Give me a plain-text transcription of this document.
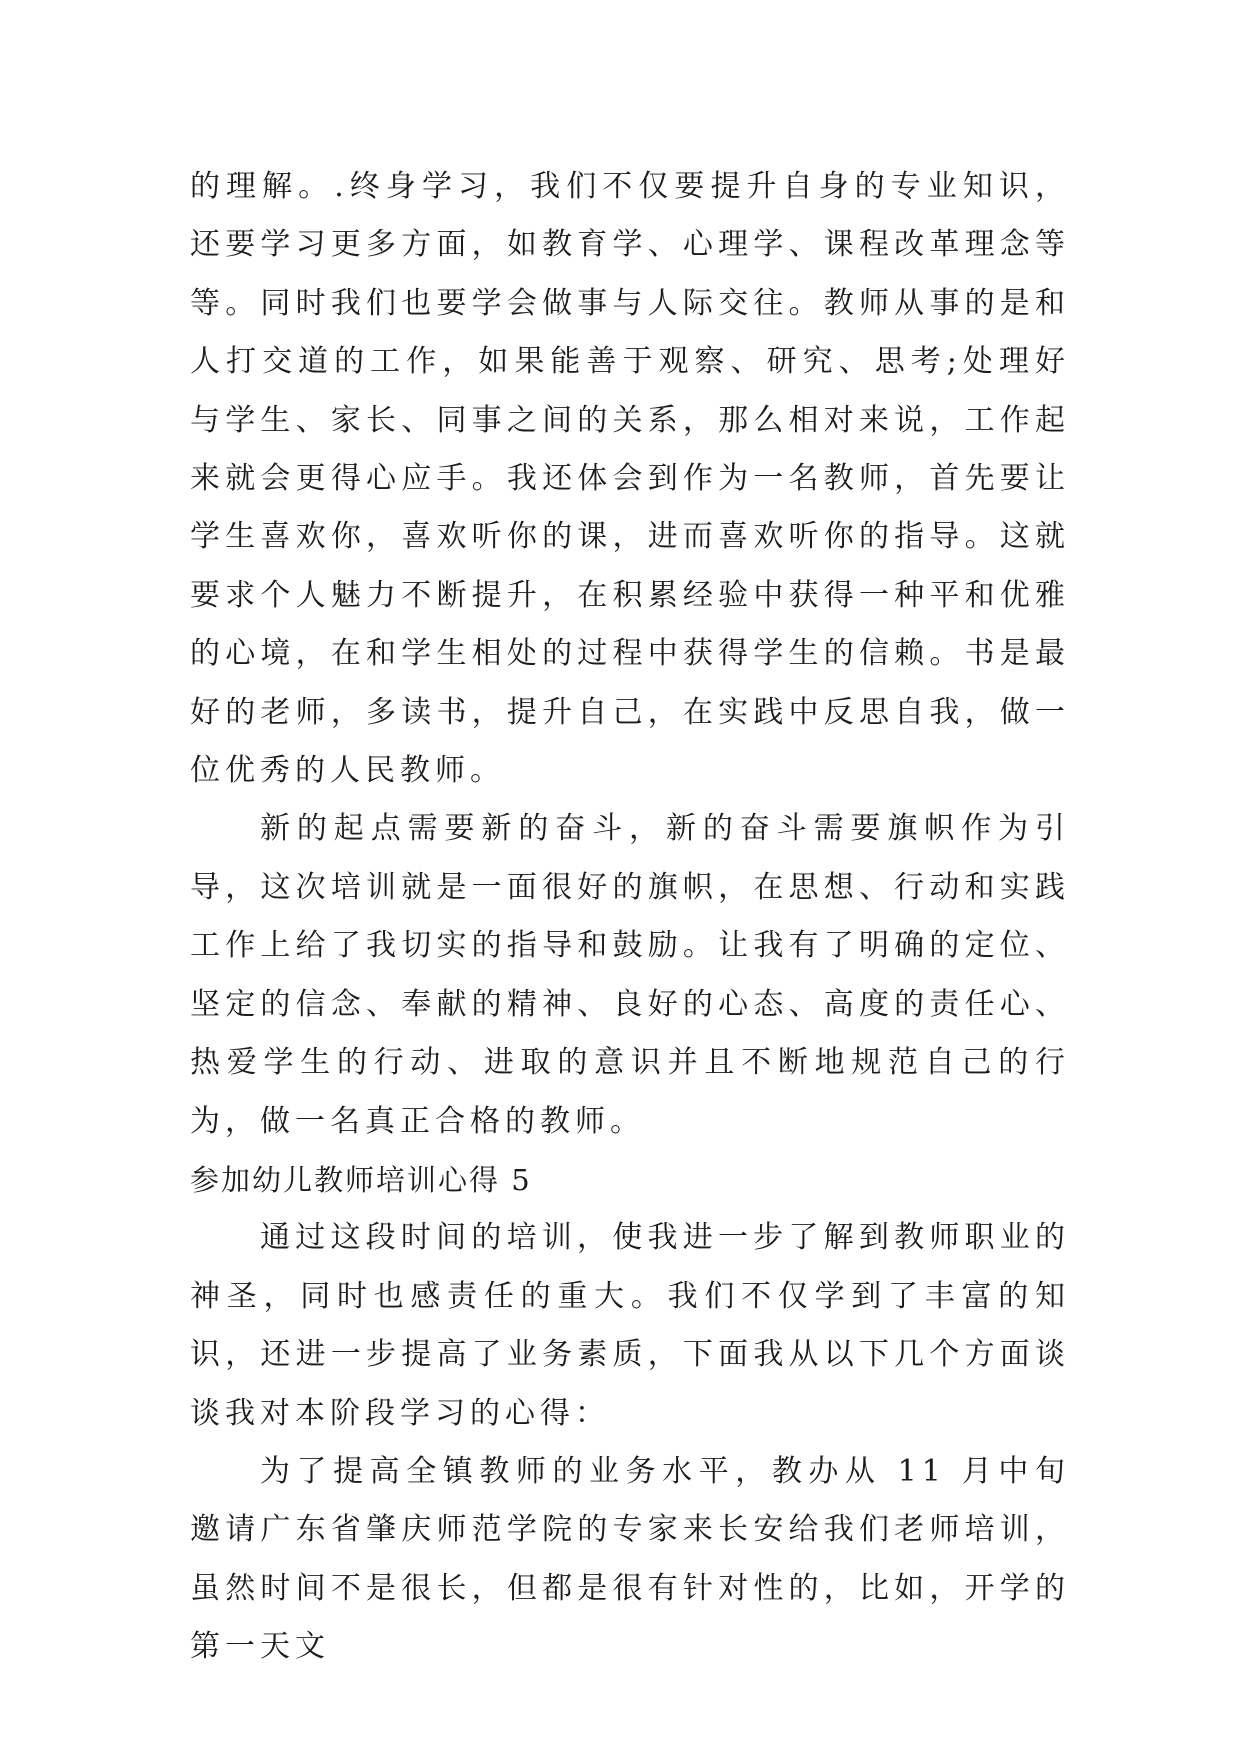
的理解。.终身学习，我们不仅要提升自身的专业知识，还要学习更多方面，如教育学、心理学、课程改革理念等等。同时我们也要学会做事与人际交往。教师从事的是和人打交道的工作，如果能善于观察、研究、思考;处理好与学生、家长、同事之间的关系，那么相对来说，工作起来就会更得心应手。我还体会到作为一名教师，首先要让学生喜欢你，喜欢听你的课，进而喜欢听你的指导。这就要求个人魅力不断提升，在积累经验中获得一种平和优雅的心境，在和学生相处的过程中获得学生的信赖。书是最好的老师，多读书，提升自己，在实践中反思自我，做一位优秀的人民教师。

新的起点需要新的奋斗，新的奋斗需要旗帜作为引导，这次培训就是一面很好的旗帜，在思想、行动和实践工作上给了我切实的指导和鼓励。让我有了明确的定位、坚定的信念、奉献的精神、良好的心态、高度的责任心、热爱学生的行动、进取的意识并且不断地规范自己的行为，做一名真正合格的教师。

参加幼儿教师培训心得 5

通过这段时间的培训，使我进一步了解到教师职业的神圣，同时也感责任的重大。我们不仅学到了丰富的知识，还进一步提高了业务素质，下面我从以下几个方面谈谈我对本阶段学习的心得：

为了提高全镇教师的业务水平，教办从 11 月中旬邀请广东省肇庆师范学院的专家来长安给我们老师培训，虽然时间不是很长，但都是很有针对性的，比如，开学的第一天文
